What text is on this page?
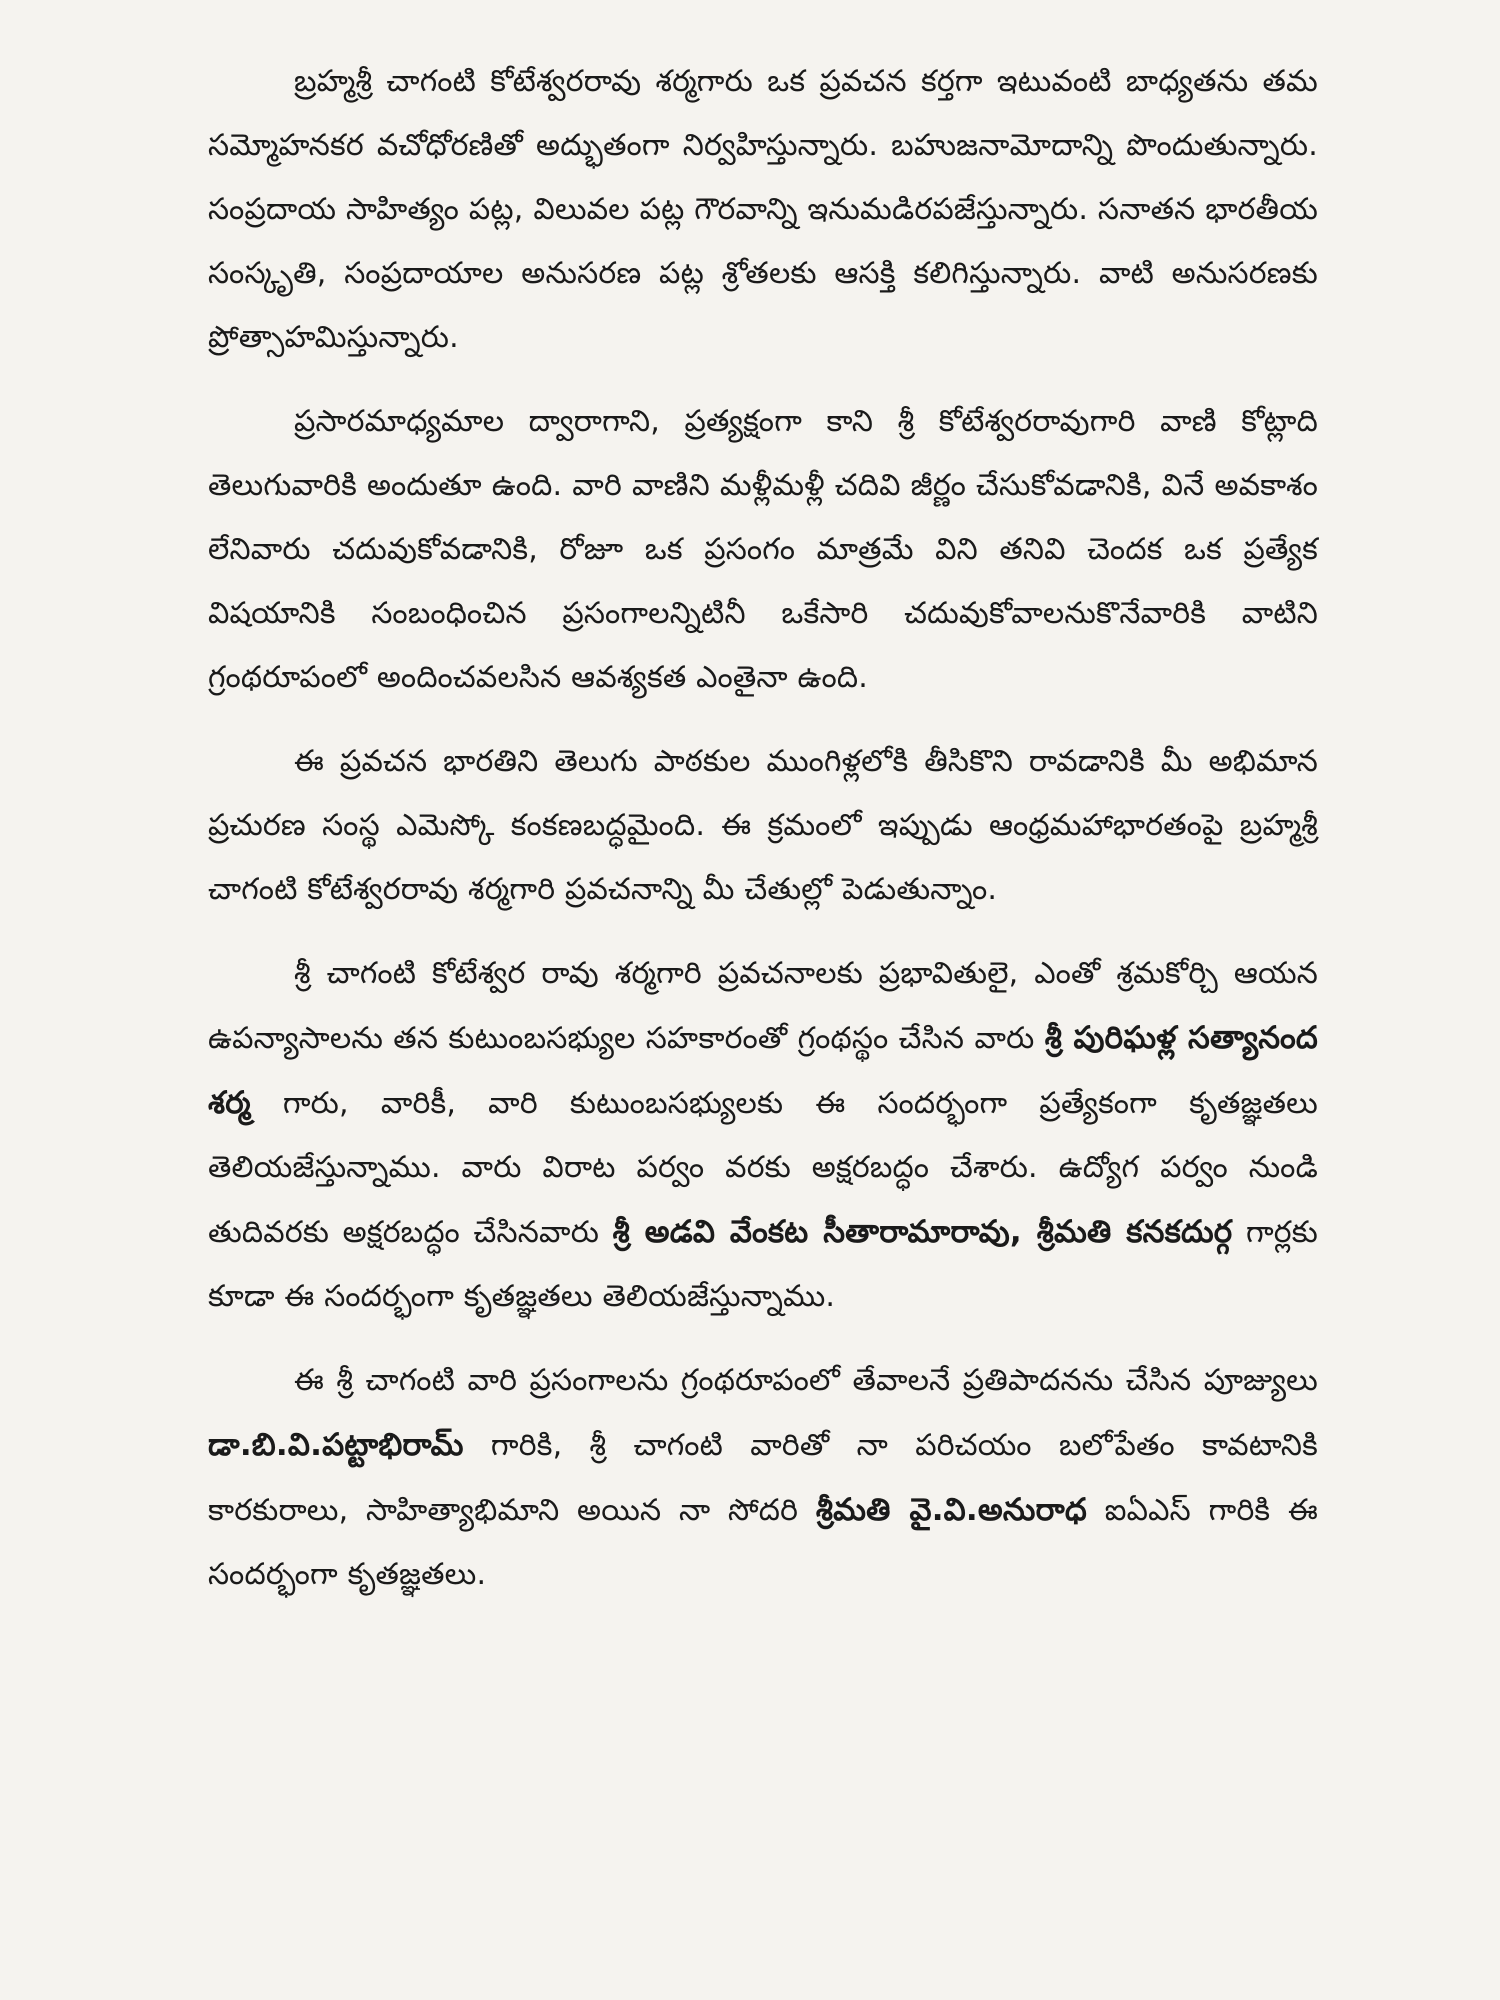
బ్రహ్మశ్రీ చాగంటి కోటేశ్వరరావు శర్మగారు ఒక ప్రవచన కర్తగా ఇటువంటి బాధ్యతను తమ సమ్మోహనకర వచోధోరణితో అద్భుతంగా నిర్వహిస్తున్నారు. బహుజనామోదాన్ని పొందుతున్నారు. సంప్రదాయ సాహిత్యం పట్ల, విలువల పట్ల గౌరవాన్ని ఇనుమడిరపజేస్తున్నారు. సనాతన భారతీయ సంస్కృతి, సంప్రదాయాల అనుసరణ పట్ల శ్రోతలకు ఆసక్తి కలిగిస్తున్నారు. వాటి అనుసరణకు ప్రోత్సాహమిస్తున్నారు.

ప్రసారమాధ్యమాల ద్వారాగాని, ప్రత్యక్షంగా కాని శ్రీ కోటేశ్వరరావుగారి వాణి కోట్లాది తెలుగువారికి అందుతూ ఉంది. వారి వాణిని మళ్లీమళ్లీ చదివి జీర్ణం చేసుకోవడానికి, వినే అవకాశం లేనివారు చదువుకోవడానికి, రోజూ ఒక ప్రసంగం మాత్రమే విని తనివి చెందక ఒక ప్రత్యేక విషయానికి సంబంధించిన ప్రసంగాలన్నిటినీ ఒకేసారి చదువుకోవాలనుకొనేవారికి వాటిని గ్రంథరూపంలో అందించవలసిన ఆవశ్యకత ఎంతైనా ఉంది.

ఈ ప్రవచన భారతిని తెలుగు పాఠకుల ముంగిళ్లలోకి తీసికొని రావడానికి మీ అభిమాన ప్రచురణ సంస్థ ఎమెస్కో కంకణబద్ధమైంది. ఈ క్రమంలో ఇప్పుడు ఆంధ్రమహాభారతంపై బ్రహ్మశ్రీ చాగంటి కోటేశ్వరరావు శర్మగారి ప్రవచనాన్ని మీ చేతుల్లో పెడుతున్నాం.

శ్రీ చాగంటి కోటేశ్వర రావు శర్మగారి ప్రవచనాలకు ప్రభావితులై, ఎంతో శ్రమకోర్చి ఆయన ఉపన్యాసాలను తన కుటుంబసభ్యుల సహకారంతో గ్రంథస్థం చేసిన వారు శ్రీ పురిఘళ్ల సత్యానంద శర్మ గారు, వారికీ, వారి కుటుంబసభ్యులకు ఈ సందర్భంగా ప్రత్యేకంగా కృతజ్ఞతలు తెలియజేస్తున్నాము. వారు విరాట పర్వం వరకు అక్షరబద్ధం చేశారు. ఉద్యోగ పర్వం నుండి తుదివరకు అక్షరబద్ధం చేసినవారు శ్రీ అడవి వేంకట సీతారామారావు, శ్రీమతి కనకదుర్గ గార్లకు కూడా ఈ సందర్భంగా కృతజ్ఞతలు తెలియజేస్తున్నాము.

ఈ శ్రీ చాగంటి వారి ప్రసంగాలను గ్రంథరూపంలో తేవాలనే ప్రతిపాదనను చేసిన పూజ్యులు డా.బి.వి.పట్టాభిరామ్ గారికి, శ్రీ చాగంటి వారితో నా పరిచయం బలోపేతం కావటానికి కారకురాలు, సాహిత్యాభిమాని అయిన నా సోదరి శ్రీమతి వై.వి.అనురాధ ఐఏఎస్ గారికి ఈ సందర్భంగా కృతజ్ఞతలు.
